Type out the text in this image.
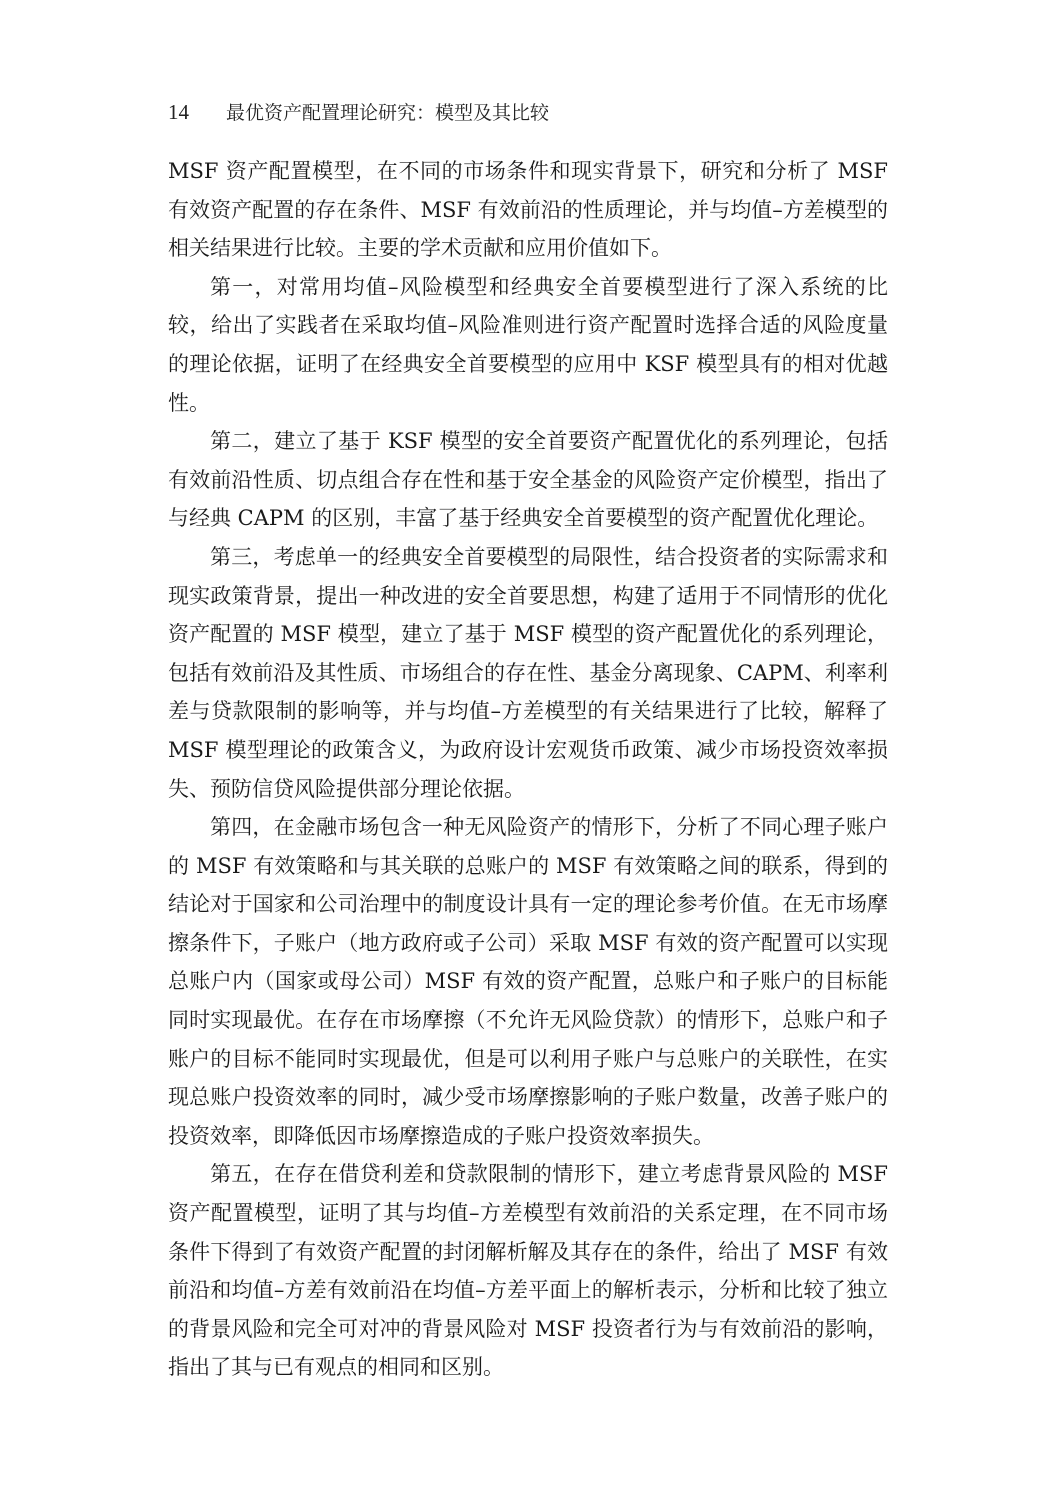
14 最优资产配置理论研究：模型及其比较

MSF 资产配置模型，在不同的市场条件和现实背景下，研究和分析了 MSF 有效资产配置的存在条件、MSF 有效前沿的性质理论，并与均值–方差模型的相关结果进行比较。主要的学术贡献和应用价值如下。

第一，对常用均值–风险模型和经典安全首要模型进行了深入系统的比较，给出了实践者在采取均值–风险准则进行资产配置时选择合适的风险度量的理论依据，证明了在经典安全首要模型的应用中 KSF 模型具有的相对优越性。

第二，建立了基于 KSF 模型的安全首要资产配置优化的系列理论，包括有效前沿性质、切点组合存在性和基于安全基金的风险资产定价模型，指出了与经典 CAPM 的区别，丰富了基于经典安全首要模型的资产配置优化理论。

第三，考虑单一的经典安全首要模型的局限性，结合投资者的实际需求和现实政策背景，提出一种改进的安全首要思想，构建了适用于不同情形的优化资产配置的 MSF 模型，建立了基于 MSF 模型的资产配置优化的系列理论，包括有效前沿及其性质、市场组合的存在性、基金分离现象、CAPM、利率利差与贷款限制的影响等，并与均值–方差模型的有关结果进行了比较，解释了 MSF 模型理论的政策含义，为政府设计宏观货币政策、减少市场投资效率损失、预防信贷风险提供部分理论依据。

第四，在金融市场包含一种无风险资产的情形下，分析了不同心理子账户的 MSF 有效策略和与其关联的总账户的 MSF 有效策略之间的联系，得到的结论对于国家和公司治理中的制度设计具有一定的理论参考价值。在无市场摩擦条件下，子账户（地方政府或子公司）采取 MSF 有效的资产配置可以实现总账户内（国家或母公司）MSF 有效的资产配置，总账户和子账户的目标能同时实现最优。在存在市场摩擦（不允许无风险贷款）的情形下，总账户和子账户的目标不能同时实现最优，但是可以利用子账户与总账户的关联性，在实现总账户投资效率的同时，减少受市场摩擦影响的子账户数量，改善子账户的投资效率，即降低因市场摩擦造成的子账户投资效率损失。

第五，在存在借贷利差和贷款限制的情形下，建立考虑背景风险的 MSF 资产配置模型，证明了其与均值–方差模型有效前沿的关系定理，在不同市场条件下得到了有效资产配置的封闭解析解及其存在的条件，给出了 MSF 有效前沿和均值–方差有效前沿在均值–方差平面上的解析表示，分析和比较了独立的背景风险和完全可对冲的背景风险对 MSF 投资者行为与有效前沿的影响，指出了其与已有观点的相同和区别。
